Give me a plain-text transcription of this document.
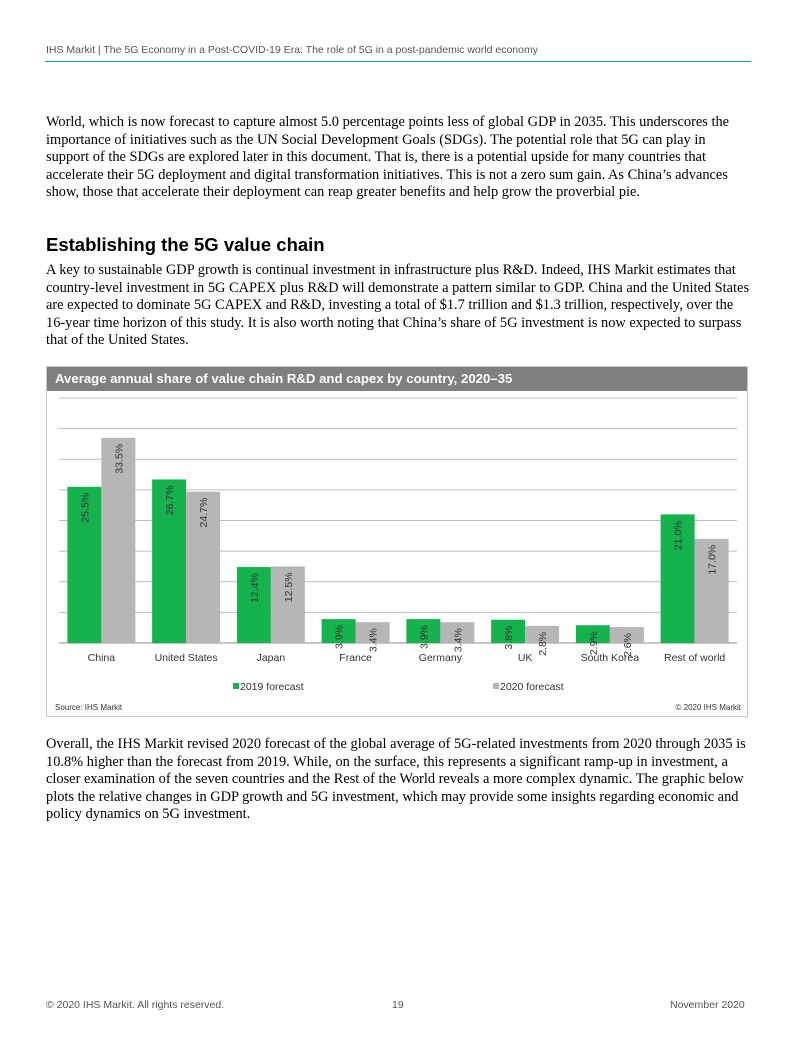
IHS Markit | The 5G Economy in a Post-COVID-19 Era: The role of 5G in a post-pandemic world economy

World, which is now forecast to capture almost 5.0 percentage points less of global GDP in 2035. This underscores the importance of initiatives such as the UN Social Development Goals (SDGs). The potential role that 5G can play in support of the SDGs are explored later in this document. That is, there is a potential upside for many countries that accelerate their 5G deployment and digital transformation initiatives. This is not a zero sum gain. As China’s advances show, those that accelerate their deployment can reap greater benefits and help grow the proverbial pie.

Establishing the 5G value chain

A key to sustainable GDP growth is continual investment in infrastructure plus R&D. Indeed, IHS Markit estimates that country-level investment in 5G CAPEX plus R&D will demonstrate a pattern similar to GDP. China and the United States are expected to dominate 5G CAPEX and R&D, investing a total of $1.7 trillion and $1.3 trillion, respectively, over the 16-year time horizon of this study. It is also worth noting that China’s share of 5G investment is now expected to surpass that of the United States.

Average annual share of value chain R&D and capex by country, 2020–35
25.5%
33.5%
China
26.7% 24.7%
United States
12.4% 12.5%
Japan
3.9% 3.4%
France
3.9% 3.4%
Germany
3.8% 2.8%
UK
2.9% 2.6%
South Korea
21.0%
17.0%
Rest of world
2019 forecast	2020 forecast
Source: IHS Markit	© 2020 IHS Markit

Overall, the IHS Markit revised 2020 forecast of the global average of 5G-related investments from 2020 through 2035 is 10.8% higher than the forecast from 2019. While, on the surface, this represents a significant ramp-up in investment, a closer examination of the seven countries and the Rest of the World reveals a more complex dynamic. The graphic below plots the relative changes in GDP growth and 5G investment, which may provide some insights regarding economic and policy dynamics on 5G investment.

© 2020 IHS Markit. All rights reserved.	19	November 2020
